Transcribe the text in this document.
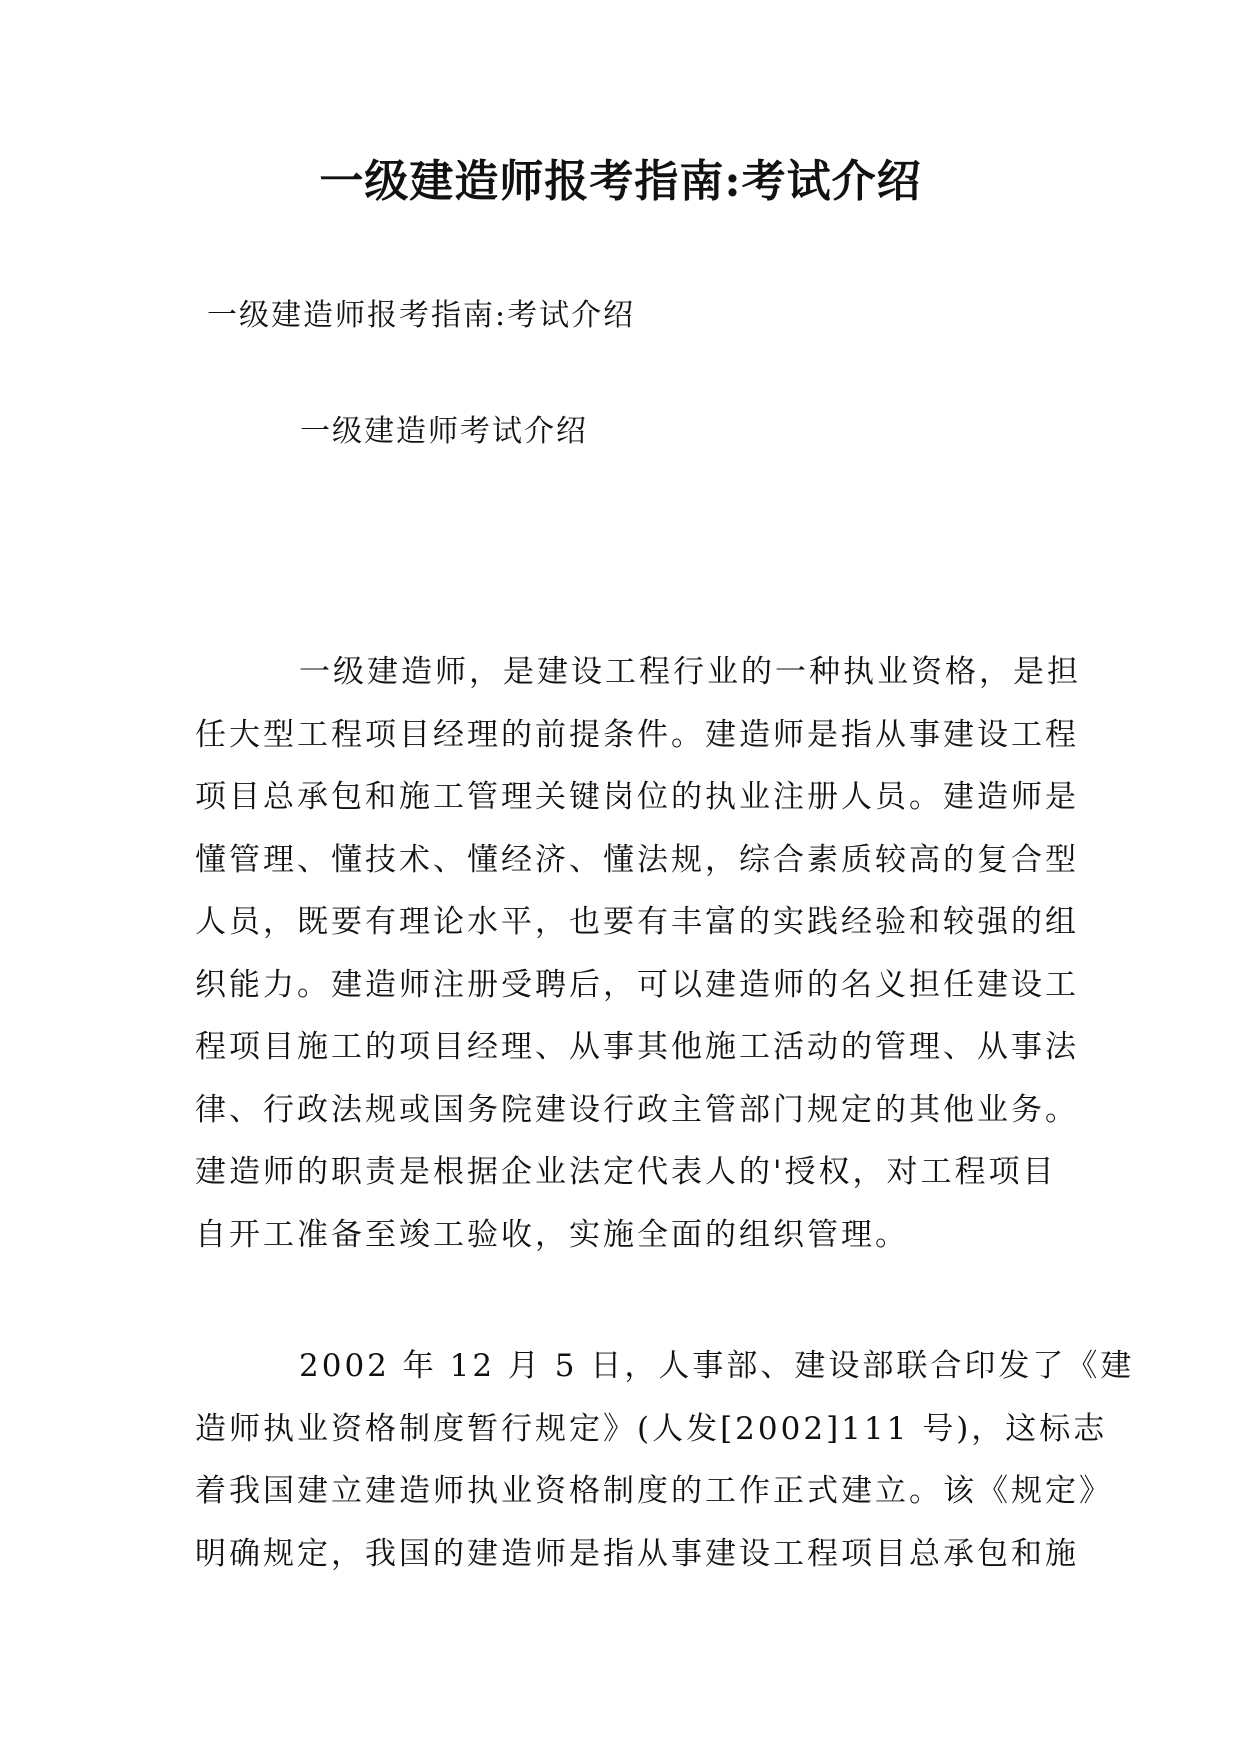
一级建造师报考指南:考试介绍

一级建造师报考指南:考试介绍

一级建造师考试介绍

一级建造师，是建设工程行业的一种执业资格，是担
任大型工程项目经理的前提条件。建造师是指从事建设工程
项目总承包和施工管理关键岗位的执业注册人员。建造师是
懂管理、懂技术、懂经济、懂法规，综合素质较高的复合型
人员，既要有理论水平，也要有丰富的实践经验和较强的组
织能力。建造师注册受聘后，可以建造师的名义担任建设工
程项目施工的项目经理、从事其他施工活动的管理、从事法
律、行政法规或国务院建设行政主管部门规定的其他业务。
建造师的职责是根据企业法定代表人的'授权，对工程项目
自开工准备至竣工验收，实施全面的组织管理。
2002 年 12 月 5 日，人事部、建设部联合印发了《建
造师执业资格制度暂行规定》(人发[2002]111 号)，这标志
着我国建立建造师执业资格制度的工作正式建立。该《规定》
明确规定，我国的建造师是指从事建设工程项目总承包和施
